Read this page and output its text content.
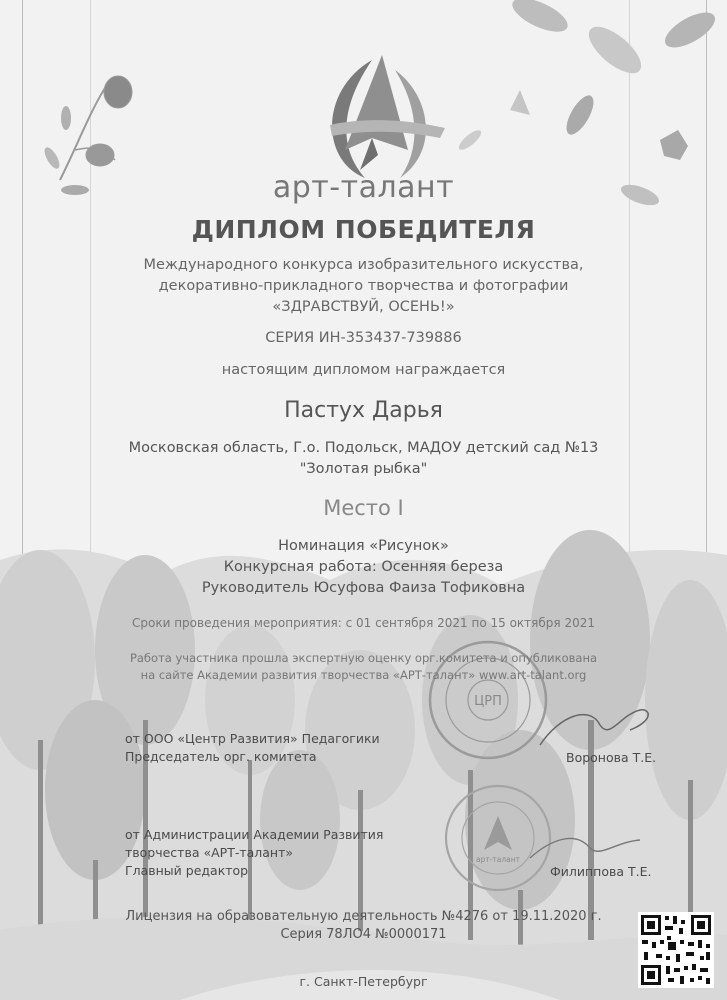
ЦРП
арт-талант
арт-талант
ДИПЛОМ ПОБЕДИТЕЛЯ
Международного конкурса изобразительного искусства,
декоративно-прикладного творчества и фотографии
«ЗДРАВСТВУЙ, ОСЕНЬ!»
СЕРИЯ ИН-353437-739886
настоящим дипломом награждается
Пастух Дарья
Московская область, Г.о. Подольск, МАДОУ детский сад №13
"Золотая рыбка"
Место I
Номинация «Рисунок»
Конкурсная работа: Осенняя береза
Руководитель Юсуфова Фаиза Тофиковна
Сроки проведения мероприятия: с 01 сентября 2021 по 15 октября 2021
Работа участника прошла экспертную оценку орг.комитета и опубликована
на сайте Академии развития творчества «АРТ-талант» www.art-talant.org
от ООО «Центр Развития» Педагогики
Председатель орг. комитета	Воронова Т.Е.
от Администрации Академии Развития
творчества «АРТ-талант»
Главный редактор	Филиппова Т.Е.
Лицензия на образовательную деятельность №4276 от 19.11.2020 г.
Серия 78ЛО4 №0000171
г. Санкт-Петербург
